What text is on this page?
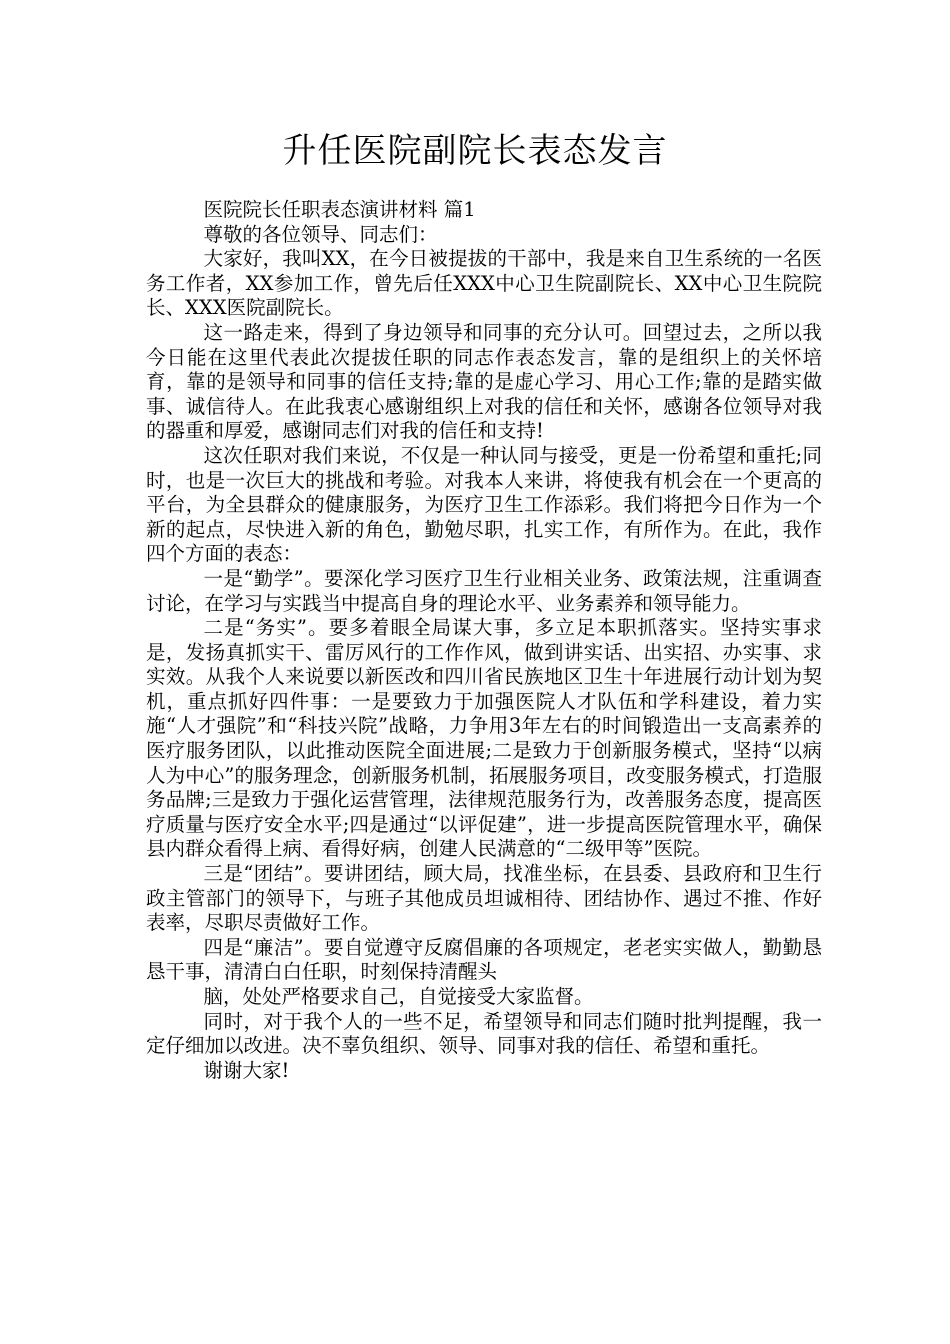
升任医院副院长表态发言

医院院长任职表态演讲材料 篇1

尊敬的各位领导、同志们：

大家好，我叫XX，在今日被提拔的干部中，我是来自卫生系统的一名医务工作者，XX参加工作，曾先后任XXX中心卫生院副院长、XX中心卫生院院长、XXX医院副院长。

这一路走来，得到了身边领导和同事的充分认可。回望过去，之所以我今日能在这里代表此次提拔任职的同志作表态发言，靠的是组织上的关怀培育，靠的是领导和同事的信任支持;靠的是虚心学习、用心工作;靠的是踏实做事、诚信待人。在此我衷心感谢组织上对我的信任和关怀，感谢各位领导对我的器重和厚爱，感谢同志们对我的信任和支持!

这次任职对我们来说，不仅是一种认同与接受，更是一份希望和重托;同时，也是一次巨大的挑战和考验。对我本人来讲，将使我有机会在一个更高的平台，为全县群众的健康服务，为医疗卫生工作添彩。我们将把今日作为一个新的起点，尽快进入新的角色，勤勉尽职，扎实工作，有所作为。在此，我作四个方面的表态：

一是“勤学”。要深化学习医疗卫生行业相关业务、政策法规，注重调查讨论，在学习与实践当中提高自身的理论水平、业务素养和领导能力。

二是“务实”。要多着眼全局谋大事，多立足本职抓落实。坚持实事求是，发扬真抓实干、雷厉风行的工作作风，做到讲实话、出实招、办实事、求实效。从我个人来说要以新医改和四川省民族地区卫生十年进展行动计划为契机，重点抓好四件事：一是要致力于加强医院人才队伍和学科建设，着力实施“人才强院”和“科技兴院”战略，力争用3年左右的时间锻造出一支高素养的医疗服务团队，以此推动医院全面进展;二是致力于创新服务模式，坚持“以病人为中心”的服务理念，创新服务机制，拓展服务项目，改变服务模式，打造服务品牌;三是致力于强化运营管理，法律规范服务行为，改善服务态度，提高医疗质量与医疗安全水平;四是通过“以评促建”，进一步提高医院管理水平，确保县内群众看得上病、看得好病，创建人民满意的“二级甲等”医院。

三是“团结”。要讲团结，顾大局，找准坐标，在县委、县政府和卫生行政主管部门的领导下，与班子其他成员坦诚相待、团结协作、遇过不推、作好表率，尽职尽责做好工作。

四是“廉洁”。要自觉遵守反腐倡廉的各项规定，老老实实做人，勤勤恳恳干事，清清白白任职，时刻保持清醒头

脑，处处严格要求自己，自觉接受大家监督。

同时，对于我个人的一些不足，希望领导和同志们随时批判提醒，我一定仔细加以改进。决不辜负组织、领导、同事对我的信任、希望和重托。

谢谢大家!
